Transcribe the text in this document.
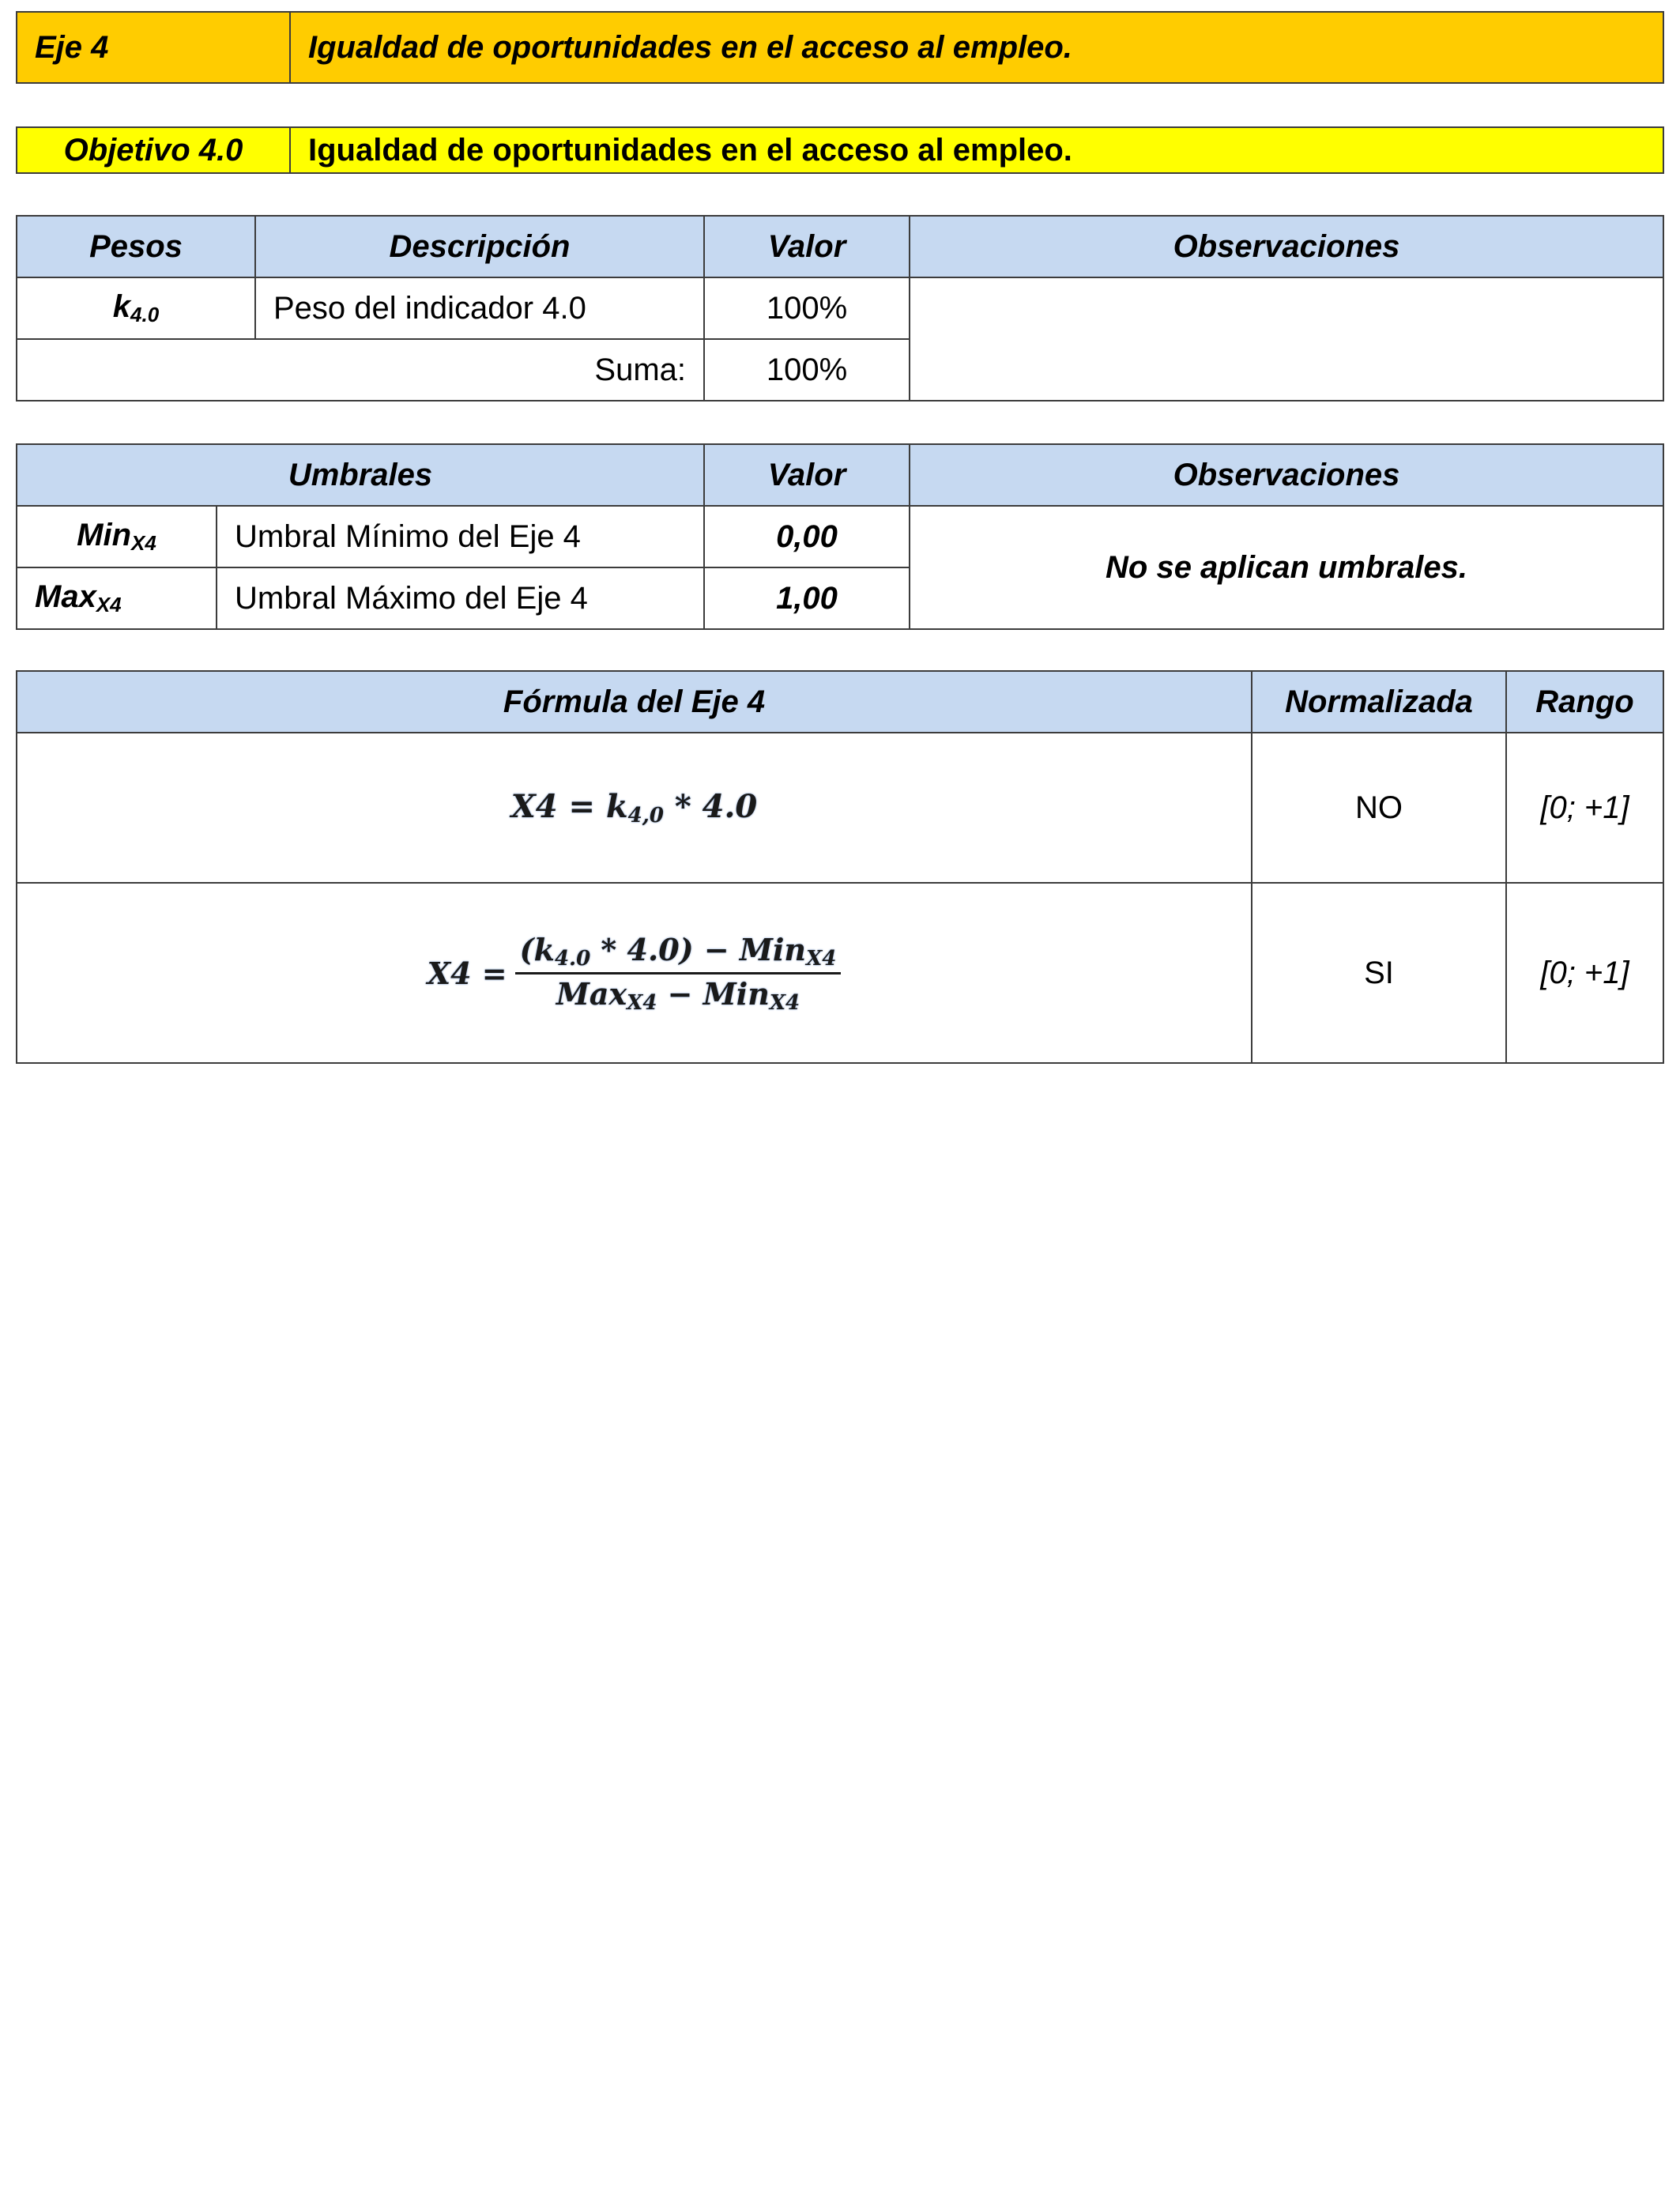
Eje 4	Igualdad de oportunidades en el acceso al empleo.
Objetivo 4.0	Igualdad de oportunidades en el acceso al empleo.
Pesos	Descripción	Valor	Observaciones
$k_{4.0}$	Peso del indicador 4.0	100%	
Suma:		100%	
Umbrales		Valor	Observaciones
Min$_{X4}$	Umbral Mínimo del Eje 4	0,00	No se aplican umbrales.
Max$_{X4}$	Umbral Máximo del Eje 4	1,00	
Fórmula del Eje 4	Normalizada	Rango
$X4 = k_{4,0} * 4.0$	NO	[0; +1]

$X4 = \frac{(k_{4.0} * 4.0) - Min_{X4}}{Max_{X4} - Min_{X4}}$	SI	[0; +1]
